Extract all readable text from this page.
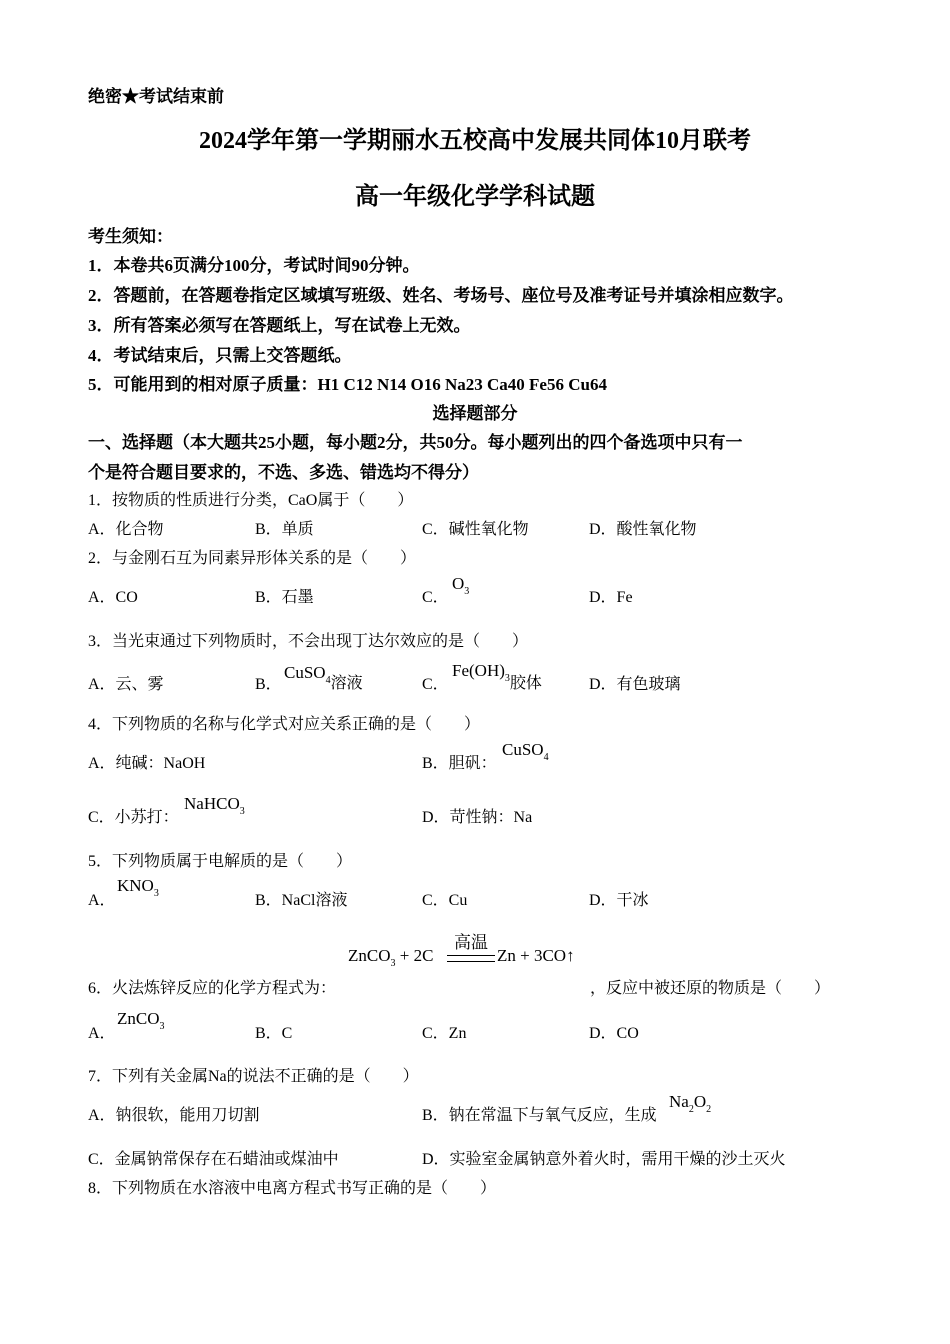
绝密★考试结束前
2024学年第一学期丽水五校高中发展共同体10月联考
高一年级化学学科试题
考生须知：
1．本卷共6页满分100分，考试时间90分钟。
2．答题前，在答题卷指定区域填写班级、姓名、考场号、座位号及准考证号并填涂相应数字。
3．所有答案必须写在答题纸上，写在试卷上无效。
4．考试结束后，只需上交答题纸。
5．可能用到的相对原子质量：H1 C12 N14 O16 Na23 Ca40 Fe56 Cu64
选择题部分
一、选择题（本大题共25小题，每小题2分，共50分。每小题列出的四个备选项中只有一
个是符合题目要求的，不选、多选、错选均不得分）
1．按物质的性质进行分类，CaO属于（　　）
A．化合物	B．单质	C．碱性氧化物	D．酸性氧化物
2．与金刚石互为同素异形体关系的是（　　）
A．CO	B．石墨	C．
$O_3$	D．Fe
3．当光束通过下列物质时，不会出现丁达尔效应的是（　　）
A．云、雾	B．
CuSO$_4$溶液	C．
$Fe(OH)_3$胶体	D．有色玻璃
4．下列物质的名称与化学式对应关系正确的是（　　）
A．纯碱：NaOH	B．胆矾：
CuSO$_4$
C．小苏打：
NaHCO$_3$	D．苛性钠：Na
5．下列物质属于电解质的是（　　）
A．
$KNO_3$	B．NaCl溶液	C．Cu	D．干冰
ZnCO$_3$ + 2C
高温
Zn + 3CO↑
6．火法炼锌反应的化学方程式为：	，反应中被还原的物质是（　　）
A．
ZnCO$_3$	B．C	C．Zn	D．CO
7．下列有关金属Na的说法不正确的是（　　）
A．钠很软，能用刀切割	B．钠在常温下与氧气反应，生成
$Na_2O_2$
C．金属钠常保存在石蜡油或煤油中	D．实验室金属钠意外着火时，需用干燥的沙土灭火
8．下列物质在水溶液中电离方程式书写正确的是（　　）
